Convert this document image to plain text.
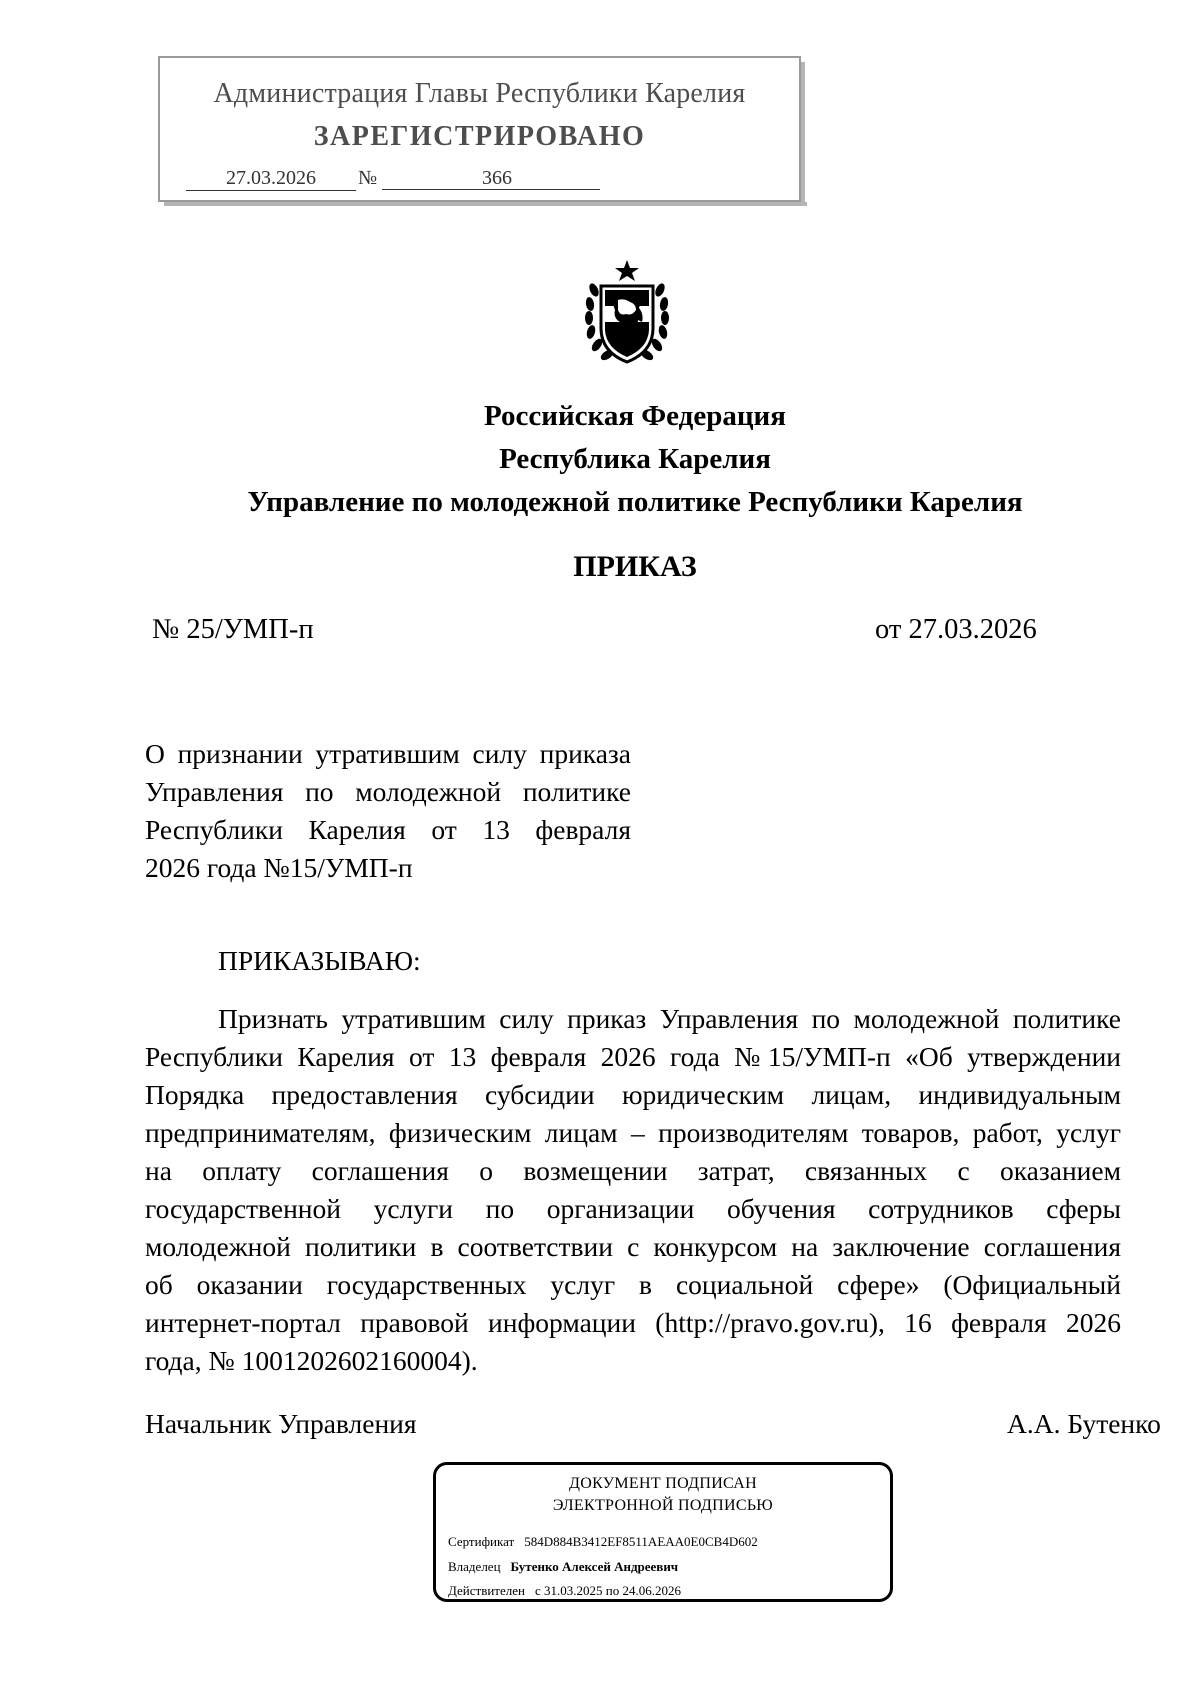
Администрация Главы Республики Карелия
ЗАРЕГИСТРИРОВАНО
27.03.2026	№	366
Российская Федерация
Республика Карелия
Управление по молодежной политике Республики Карелия
ПРИКАЗ
№ 25/УМП-п	от 27.03.2026
О признании утратившим силу приказа
Управления по молодежной политике
Республики Карелия от 13 февраля
2026 года №15/УМП-п
ПРИКАЗЫВАЮ:
Признать утратившим силу приказ Управления по молодежной политике
Республики Карелия от 13 февраля 2026 года №15/УМП-п «Об утверждении
Порядка предоставления субсидии юридическим лицам, индивидуальным
предпринимателям, физическим лицам – производителям товаров, работ, услуг
на оплату соглашения о возмещении затрат, связанных с оказанием
государственной услуги по организации обучения сотрудников сферы
молодежной политики в соответствии с конкурсом на заключение соглашения
об оказании государственных услуг в социальной сфере» (Официальный
интернет-портал правовой информации (http://pravo.gov.ru), 16 февраля 2026
года, № 1001202602160004).
Начальник Управления	А.А. Бутенко
ДОКУМЕНТ ПОДПИСАН
ЭЛЕКТРОННОЙ ПОДПИСЬЮ
Сертификат 584D884B3412EF8511AEAA0E0CB4D602
Владелец Бутенко Алексей Андреевич
Действителен с 31.03.2025 по 24.06.2026
